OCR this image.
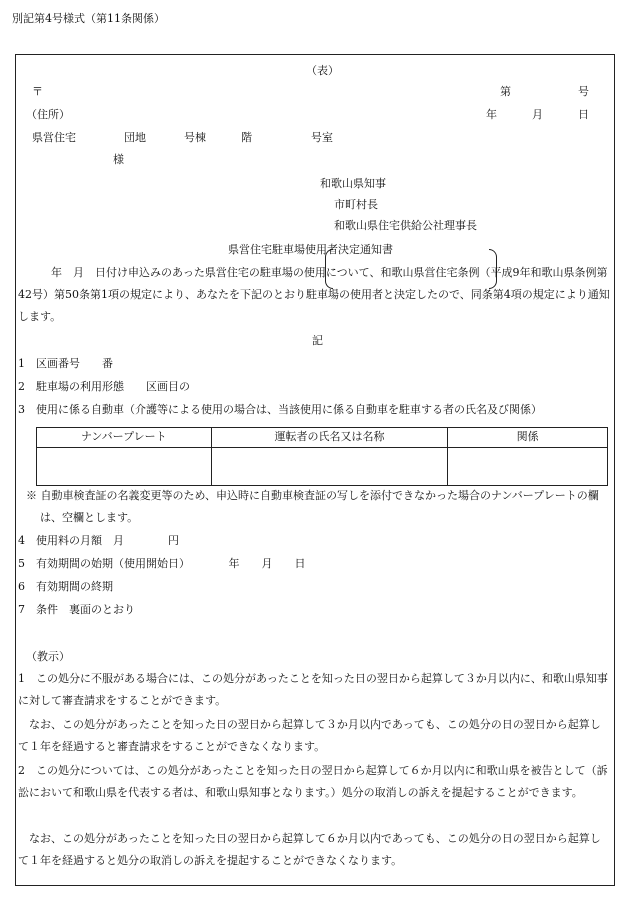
別記第4号様式（第11条関係）
（表）
〒	第	号
（住所）	年	月	日
県営住宅	団地	号棟	階	号室
様
和歌山県知事
市町村長
和歌山県住宅供給公社理事長
県営住宅駐車場使用者決定通知書
　　　年　月　日付け申込みのあった県営住宅の駐車場の使用について、和歌山県営住宅条例（平成9年和歌山県条例第42号）第50条第1項の規定により、あなたを下記のとおり駐車場の使用者と決定したので、同条第4項の規定により通知します。
記
1　区画番号　　番
2　駐車場の利用形態　　区画目の
3　使用に係る自動車（介護等による使用の場合は、当該使用に係る自動車を駐車する者の氏名及び関係）
ナンバープレート	運転者の氏名又は名称	関係

※ 自動車検査証の名義変更等のため、申込時に自動車検査証の写しを添付できなかった場合のナンバープレートの欄は、空欄とします。
4　使用料の月額　月　　　　円
5　有効期間の始期（使用開始日）　　　　年　　月　　日
6　有効期間の終期
7　条件　裏面のとおり
（教示）
1　この処分に不服がある場合には、この処分があったことを知った日の翌日から起算して３か月以内に、和歌山県知事に対して審査請求をすることができます。
　なお、この処分があったことを知った日の翌日から起算して３か月以内であっても、この処分の日の翌日から起算して１年を経過すると審査請求をすることができなくなります。
2　この処分については、この処分があったことを知った日の翌日から起算して６か月以内に和歌山県を被告として（訴訟において和歌山県を代表する者は、和歌山県知事となります。）処分の取消しの訴えを提起することができます。
　なお、この処分があったことを知った日の翌日から起算して６か月以内であっても、この処分の日の翌日から起算して１年を経過すると処分の取消しの訴えを提起することができなくなります。
